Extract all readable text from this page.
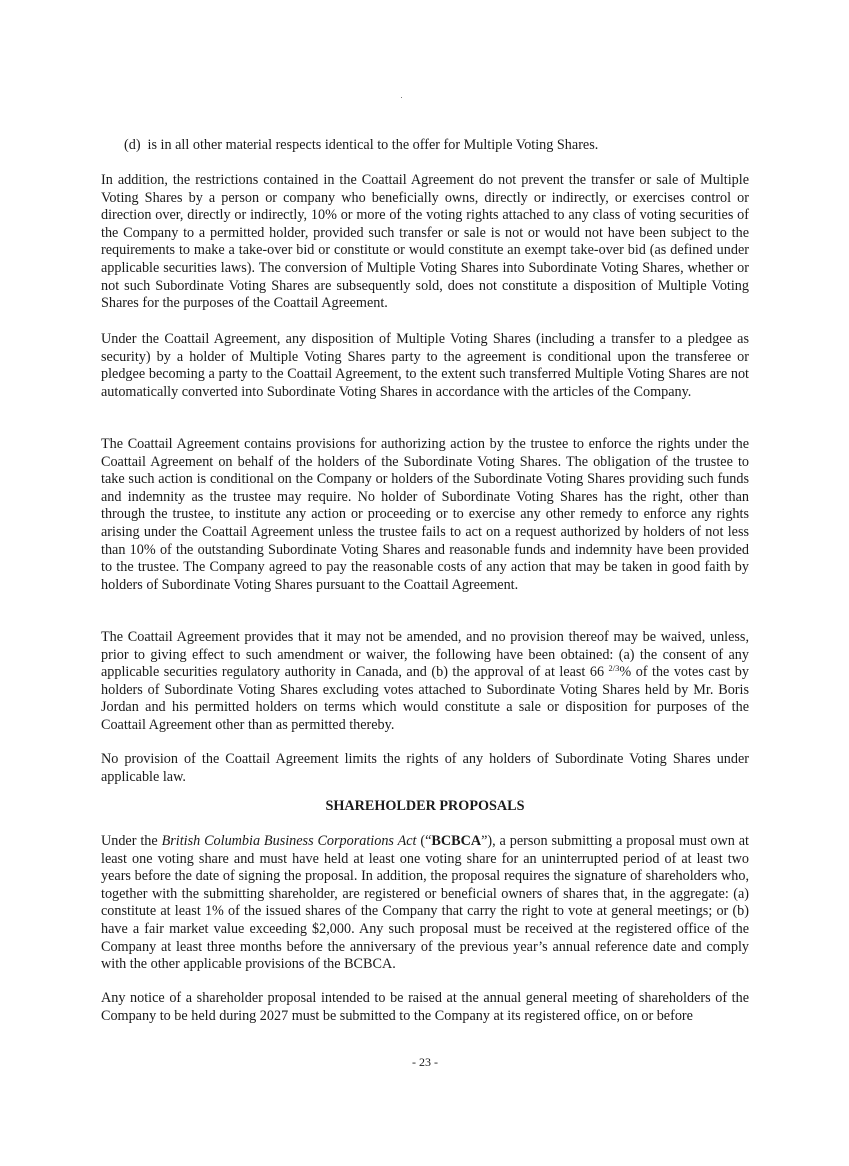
(d) is in all other material respects identical to the offer for Multiple Voting Shares.

In addition, the restrictions contained in the Coattail Agreement do not prevent the transfer or sale of Multiple Voting Shares by a person or company who beneficially owns, directly or indirectly, or exercises control or direction over, directly or indirectly, 10% or more of the voting rights attached to any class of voting securities of the Company to a permitted holder, provided such transfer or sale is not or would not have been subject to the requirements to make a take-over bid or constitute or would constitute an exempt take-over bid (as defined under applicable securities laws). The conversion of Multiple Voting Shares into Subordinate Voting Shares, whether or not such Subordinate Voting Shares are subsequently sold, does not constitute a disposition of Multiple Voting Shares for the purposes of the Coattail Agreement.

Under the Coattail Agreement, any disposition of Multiple Voting Shares (including a transfer to a pledgee as security) by a holder of Multiple Voting Shares party to the agreement is conditional upon the transferee or pledgee becoming a party to the Coattail Agreement, to the extent such transferred Multiple Voting Shares are not automatically converted into Subordinate Voting Shares in accordance with the articles of the Company.

The Coattail Agreement contains provisions for authorizing action by the trustee to enforce the rights under the Coattail Agreement on behalf of the holders of the Subordinate Voting Shares. The obligation of the trustee to take such action is conditional on the Company or holders of the Subordinate Voting Shares providing such funds and indemnity as the trustee may require. No holder of Subordinate Voting Shares has the right, other than through the trustee, to institute any action or proceeding or to exercise any other remedy to enforce any rights arising under the Coattail Agreement unless the trustee fails to act on a request authorized by holders of not less than 10% of the outstanding Subordinate Voting Shares and reasonable funds and indemnity have been provided to the trustee. The Company agreed to pay the reasonable costs of any action that may be taken in good faith by holders of Subordinate Voting Shares pursuant to the Coattail Agreement.

The Coattail Agreement provides that it may not be amended, and no provision thereof may be waived, unless, prior to giving effect to such amendment or waiver, the following have been obtained: (a) the consent of any applicable securities regulatory authority in Canada, and (b) the approval of at least 66 $^{2/3}$% of the votes cast by holders of Subordinate Voting Shares excluding votes attached to Subordinate Voting Shares held by Mr. Boris Jordan and his permitted holders on terms which would constitute a sale or disposition for purposes of the Coattail Agreement other than as permitted thereby.

No provision of the Coattail Agreement limits the rights of any holders of Subordinate Voting Shares under applicable law.

SHAREHOLDER PROPOSALS

Under the British Columbia Business Corporations Act (“BCBCA”), a person submitting a proposal must own at least one voting share and must have held at least one voting share for an uninterrupted period of at least two years before the date of signing the proposal. In addition, the proposal requires the signature of shareholders who, together with the submitting shareholder, are registered or beneficial owners of shares that, in the aggregate: (a) constitute at least 1% of the issued shares of the Company that carry the right to vote at general meetings; or (b) have a fair market value exceeding $2,000. Any such proposal must be received at the registered office of the Company at least three months before the anniversary of the previous year’s annual reference date and comply with the other applicable provisions of the BCBCA.

Any notice of a shareholder proposal intended to be raised at the annual general meeting of shareholders of the Company to be held during 2027 must be submitted to the Company at its registered office, on or before

- 23 -
